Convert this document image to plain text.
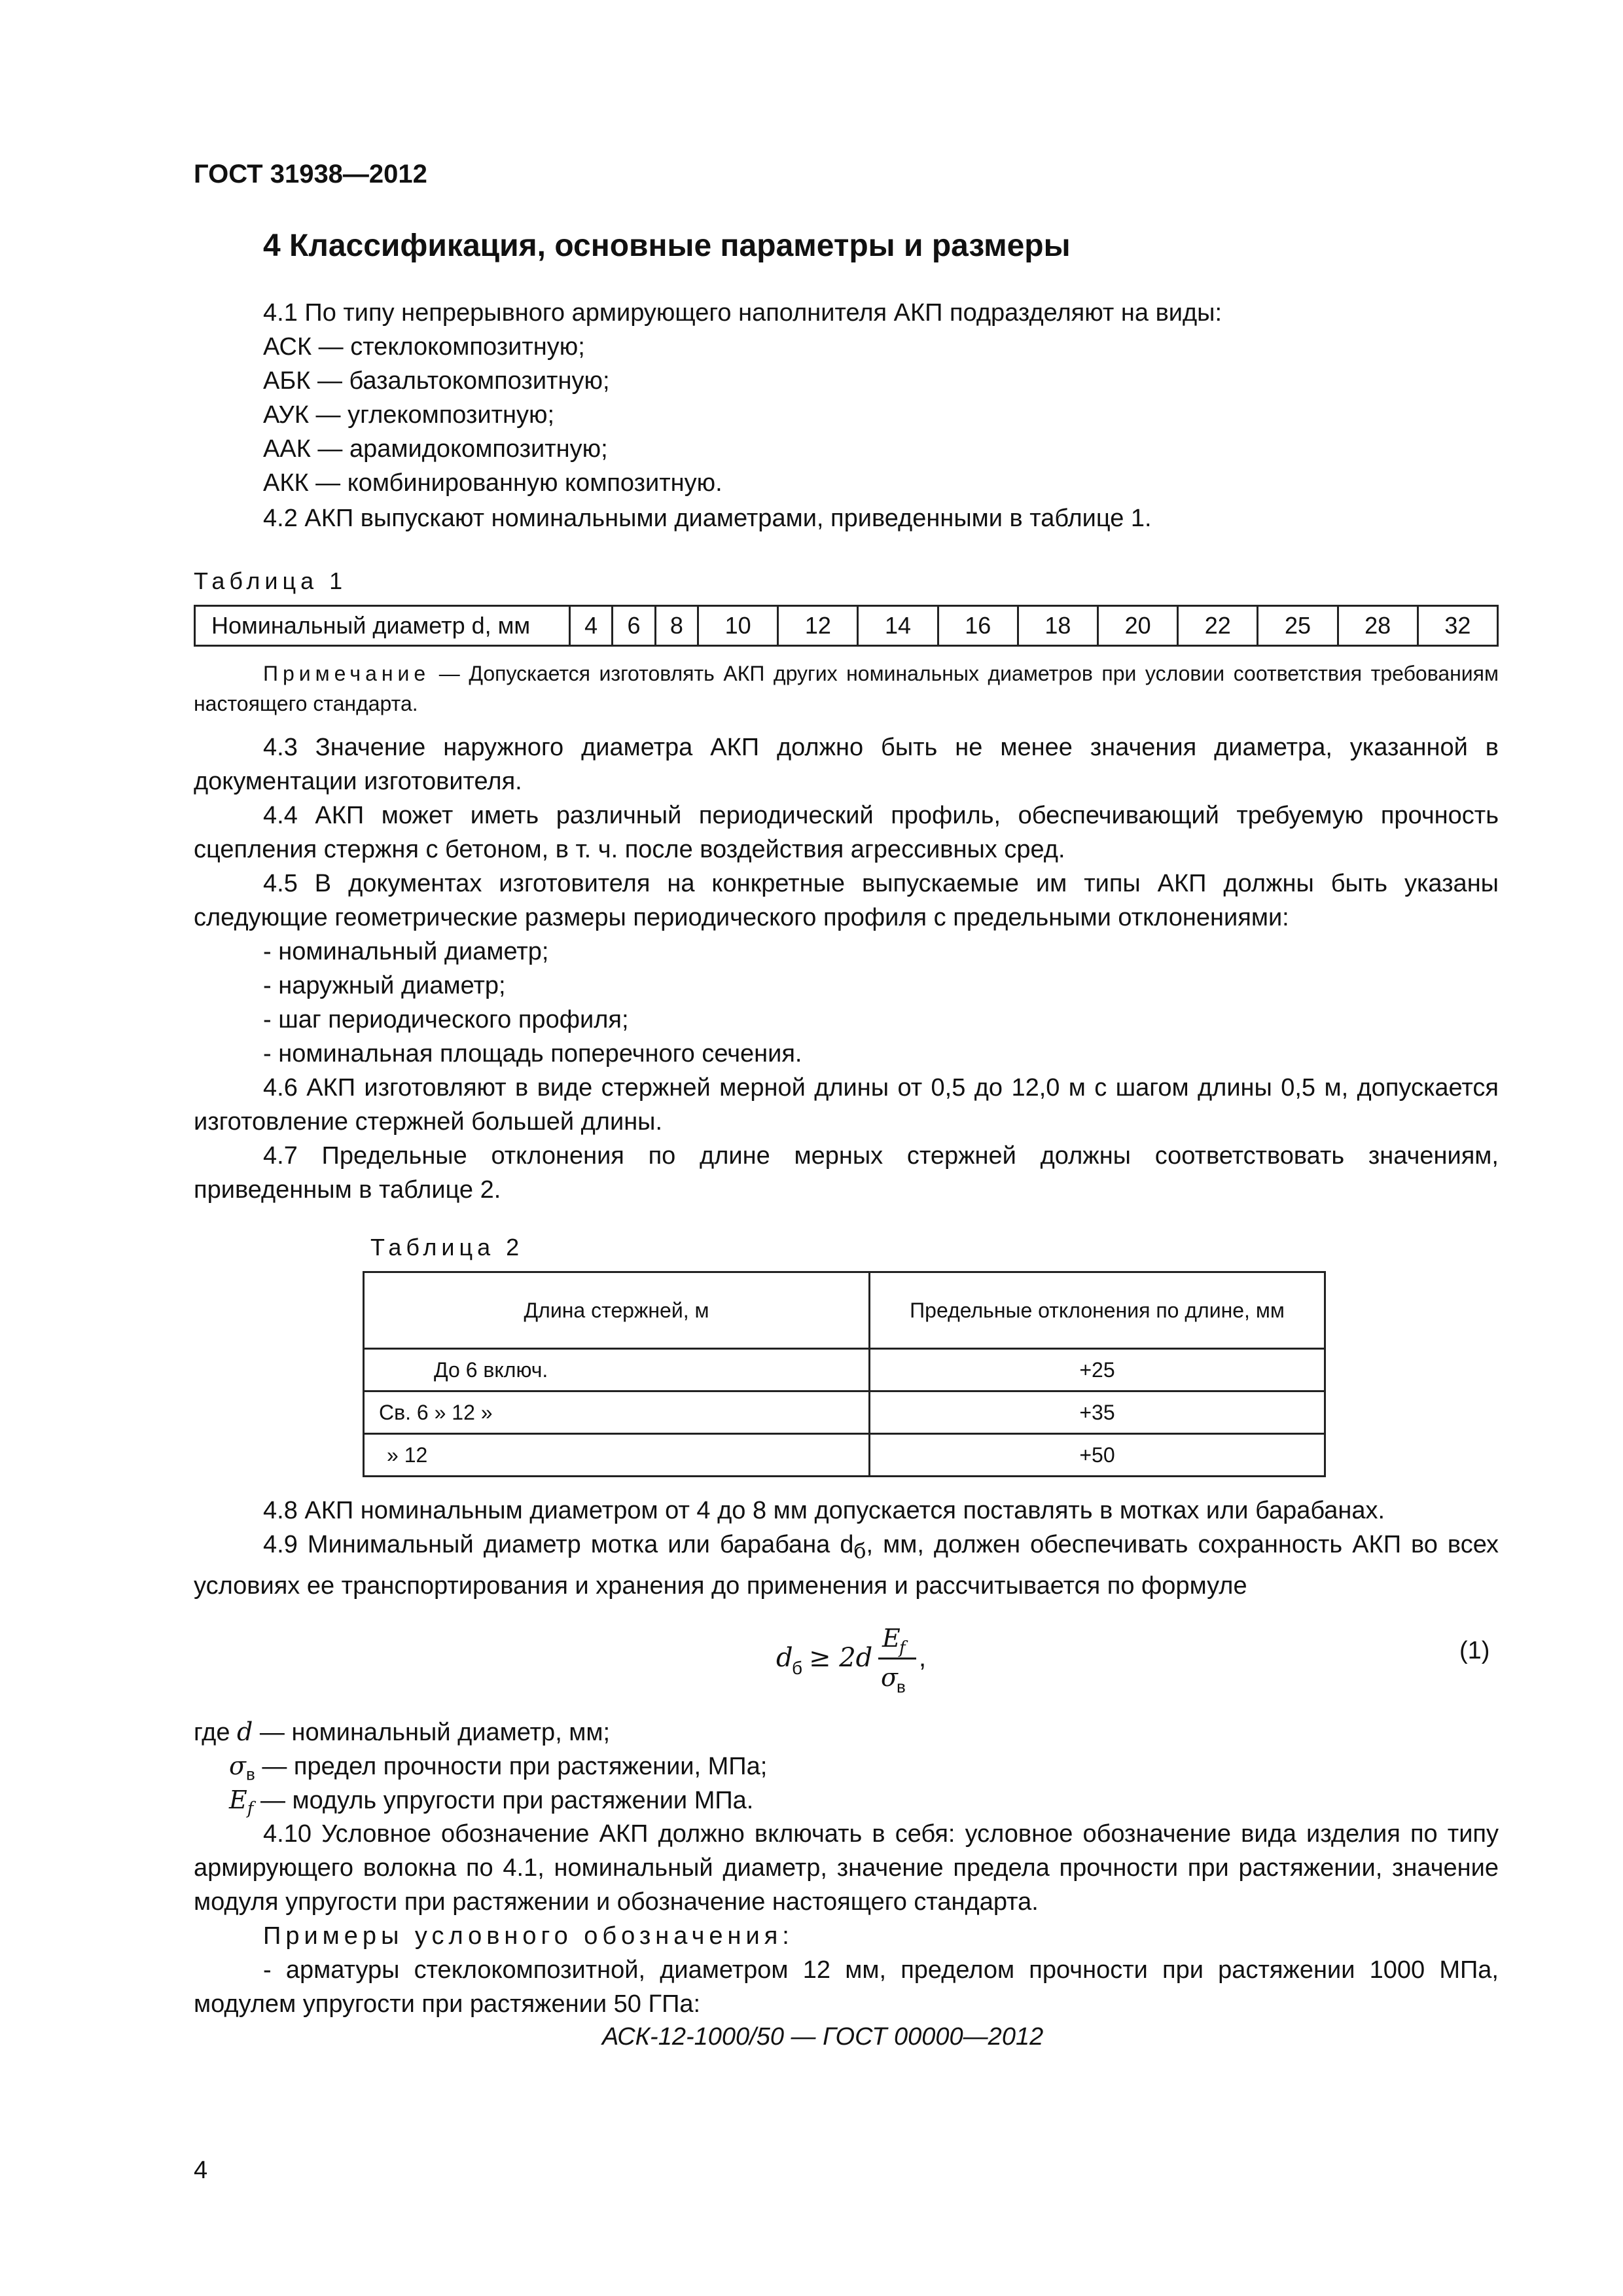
ГОСТ 31938—2012
4 Классификация, основные параметры и размеры
4.1 По типу непрерывного армирующего наполнителя АКП подразделяют на виды:
АСК — стеклокомпозитную;
АБК — базальтокомпозитную;
АУК — углекомпозитную;
ААК — арамидокомпозитную;
АКК — комбинированную композитную.
4.2 АКП выпускают номинальными диаметрами, приведенными в таблице 1.
Таблица 1
Номинальный диаметр d, мм	4	6	8	10	12	14	16	18	20	22	25	28	32
Примечание — Допускается изготовлять АКП других номинальных диаметров при условии соответствия требованиям настоящего стандарта.
4.3 Значение наружного диаметра АКП должно быть не менее значения диаметра, указанной в документации изготовителя.
4.4 АКП может иметь различный периодический профиль, обеспечивающий требуемую прочность сцепления стержня с бетоном, в т. ч. после воздействия агрессивных сред.
4.5 В документах изготовителя на конкретные выпускаемые им типы АКП должны быть указаны следующие геометрические размеры периодического профиля с предельными отклонениями:
- номинальный диаметр;
- наружный диаметр;
- шаг периодического профиля;
- номинальная площадь поперечного сечения.
4.6 АКП изготовляют в виде стержней мерной длины от 0,5 до 12,0 м с шагом длины 0,5 м, допускается изготовление стержней большей длины.
4.7 Предельные отклонения по длине мерных стержней должны соответствовать значениям, приведенным в таблице 2.
Таблица 2
Длина стержней, м	Предельные отклонения по длине, мм
До 6 включ.	+25
Св. 6 » 12 »	+35
» 12	+50
4.8 АКП номинальным диаметром от 4 до 8 мм допускается поставлять в мотках или барабанах.
4.9 Минимальный диаметр мотка или барабана $d_б$, мм, должен обеспечивать сохранность АКП во всех условиях ее транспортирования и хранения до применения и рассчитывается по формуле
d
б ≥ 2d
E
f
σ
в
,	(1)
где d — номинальный диаметр, мм;
$\sigma_в$ — предел прочности при растяжении, МПа;
$E_f$ — модуль упругости при растяжении МПа.
4.10 Условное обозначение АКП должно включать в себя: условное обозначение вида изделия по типу армирующего волокна по 4.1, номинальный диаметр, значение предела прочности при растяжении, значение модуля упругости при растяжении и обозначение настоящего стандарта.
Примеры условного обозначения:
- арматуры стеклокомпозитной, диаметром 12 мм, пределом прочности при растяжении 1000 МПа, модулем упругости при растяжении 50 ГПа:
АСК-12-1000/50 — ГОСТ 00000—2012
4
